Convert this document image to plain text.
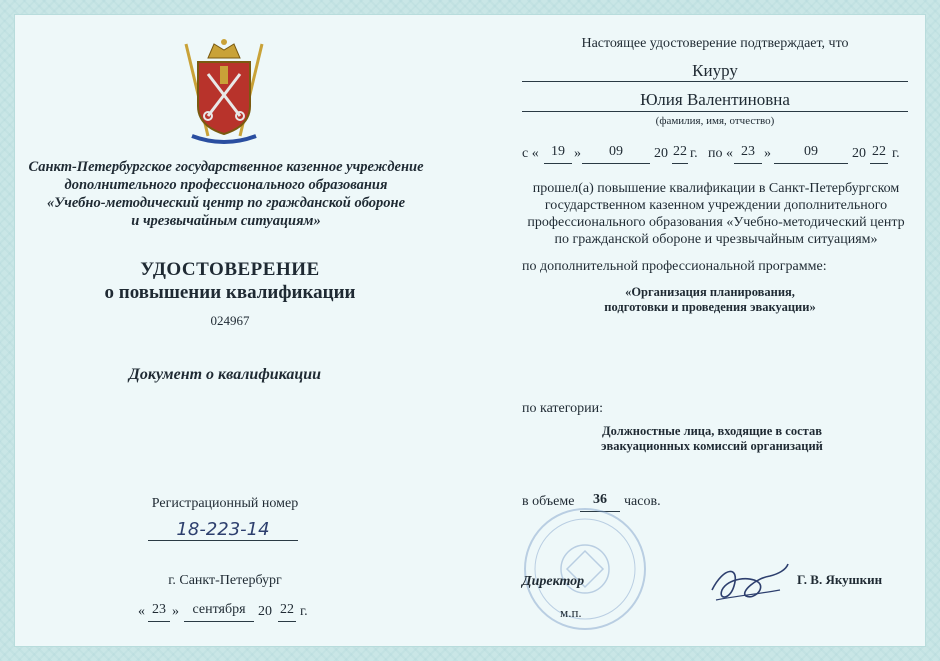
Санкт-Петербургское государственное казенное учреждение
дополнительного профессионального образования
«Учебно-методический центр по гражданской обороне
и чрезвычайным ситуациям»
УДОСТОВЕРЕНИЕ
о повышении квалификации
024967
Документ о квалификации
Регистрационный номер
18-223-14
г. Санкт-Петербург
« 23 » сентября 20 22 г.
Настоящее удостоверение подтверждает, что
Киуру
Юлия Валентиновна
(фамилия, имя, отчество)
с « 19 »	09	20 22 г. по « 23 »	09	20 22 г.
прошел(а) повышение квалификации в Санкт-Петербургском
государственном казенном учреждении дополнительного
профессионального образования «Учебно-методический центр
по гражданской обороне и чрезвычайным ситуациям»
по дополнительной профессиональной программе:
«Организация планирования,
подготовки и проведения эвакуации»
по категории:
Должностные лица, входящие в состав
эвакуационных комиссий организаций
в объеме	36	часов.
Директор
м.п.
Г. В. Якушкин
